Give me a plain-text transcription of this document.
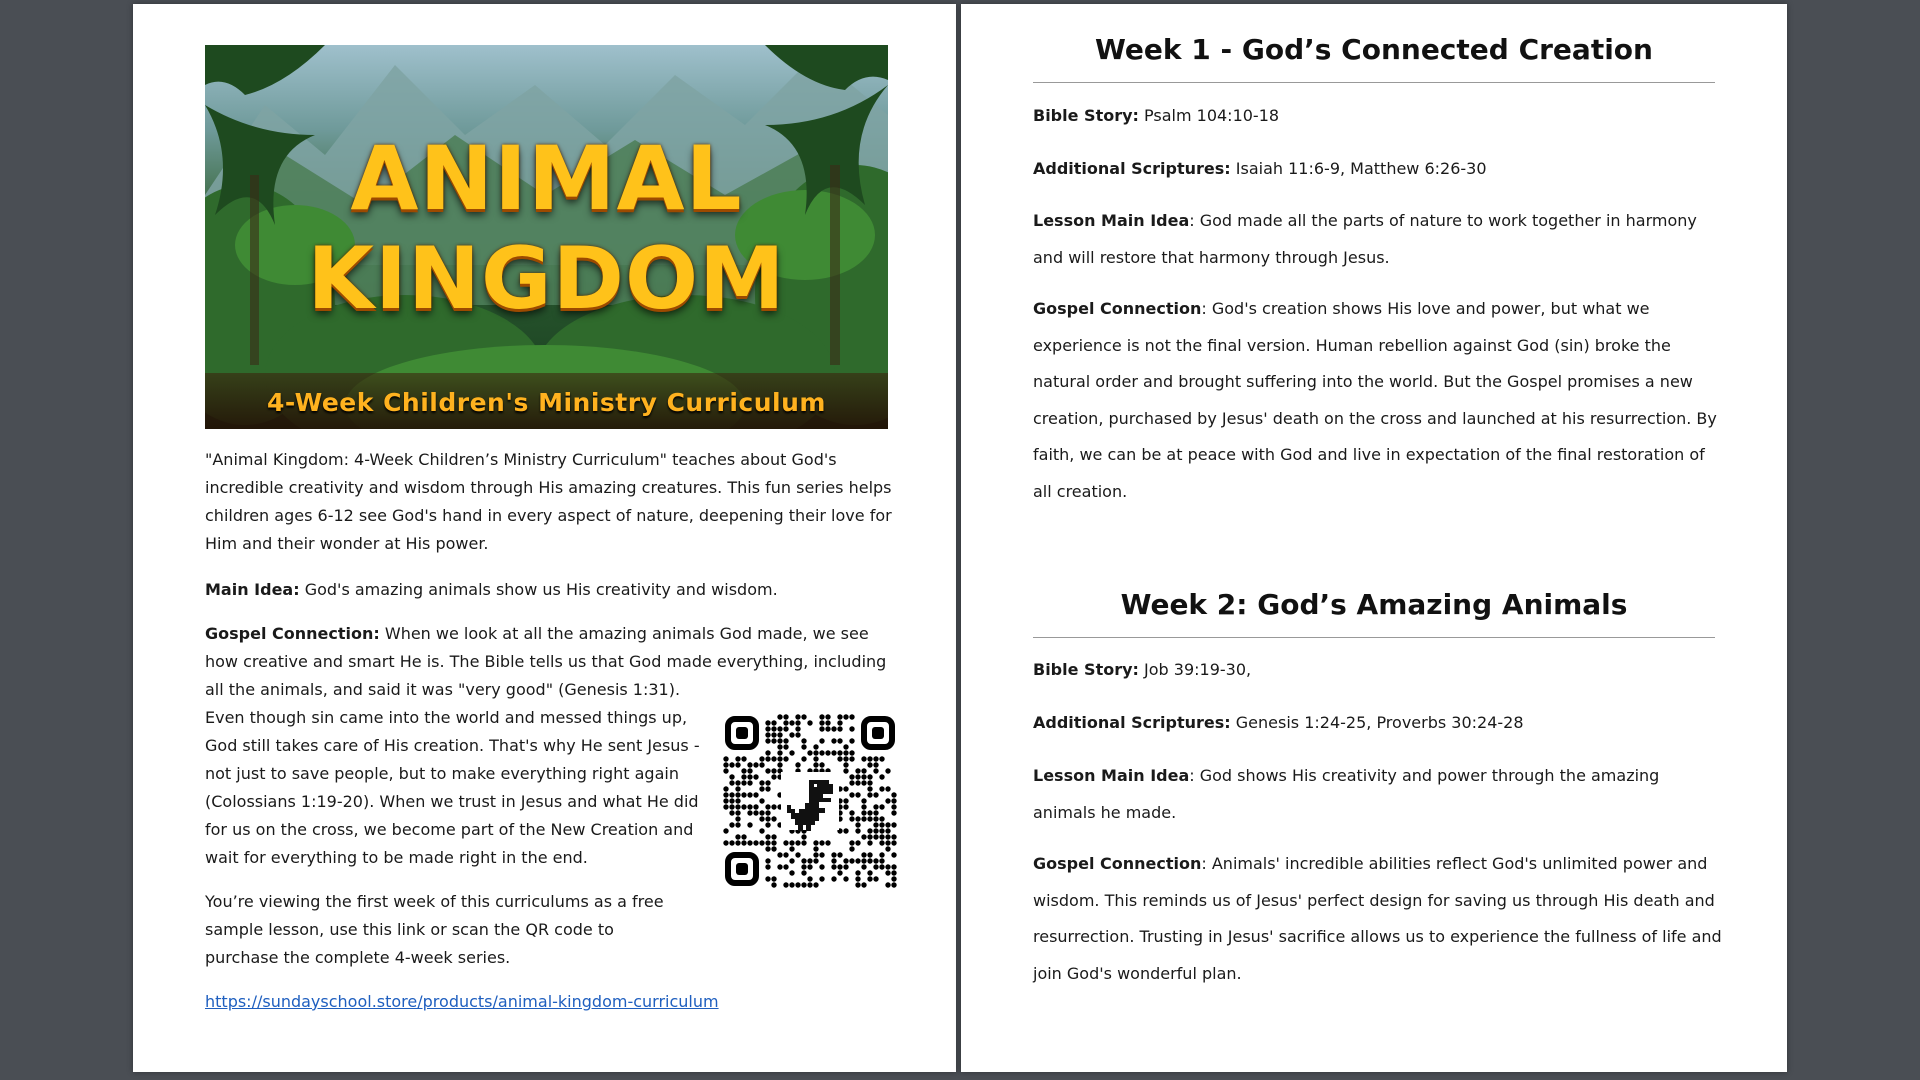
ANIMAL
KINGDOM
4-Week Children's Ministry Curriculum

"Animal Kingdom: 4-Week Children’s Ministry Curriculum" teaches about God's incredible creativity and wisdom through His amazing creatures. This fun series helps children ages 6-12 see God's hand in every aspect of nature, deepening their love for Him and their wonder at His power.

Main Idea: God's amazing animals show us His creativity and wisdom.

Gospel Connection: When we look at all the amazing animals God made, we see how creative and smart He is. The Bible tells us that God made everything, including all the animals, and said it was "very good" (Genesis 1:31).

Even though sin came into the world and messed things up, God still takes care of His creation. That's why He sent Jesus - not just to save people, but to make everything right again (Colossians 1:19-20). When we trust in Jesus and what He did for us on the cross, we become part of the New Creation and wait for everything to be made right in the end.

You’re viewing the first week of this curriculums as a free sample lesson, use this link or scan the QR code to purchase the complete 4-week series.

https://sundayschool.store/products/animal-kingdom-curriculum
Week 1 - God’s Connected Creation

Bible Story: Psalm 104:10-18

Additional Scriptures: Isaiah 11:6-9, Matthew 6:26-30

Lesson Main Idea: God made all the parts of nature to work together in harmony and will restore that harmony through Jesus.

Gospel Connection: God's creation shows His love and power, but what we experience is not the final version. Human rebellion against God (sin) broke the natural order and brought suffering into the world. But the Gospel promises a new creation, purchased by Jesus' death on the cross and launched at his resurrection. By faith, we can be at peace with God and live in expectation of the final restoration of all creation.

Week 2: God’s Amazing Animals

Bible Story: Job 39:19-30,

Additional Scriptures: Genesis 1:24-25, Proverbs 30:24-28

Lesson Main Idea: God shows His creativity and power through the amazing animals he made.

Gospel Connection: Animals' incredible abilities reflect God's unlimited power and wisdom. This reminds us of Jesus' perfect design for saving us through His death and resurrection. Trusting in Jesus' sacrifice allows us to experience the fullness of life and join God's wonderful plan.
